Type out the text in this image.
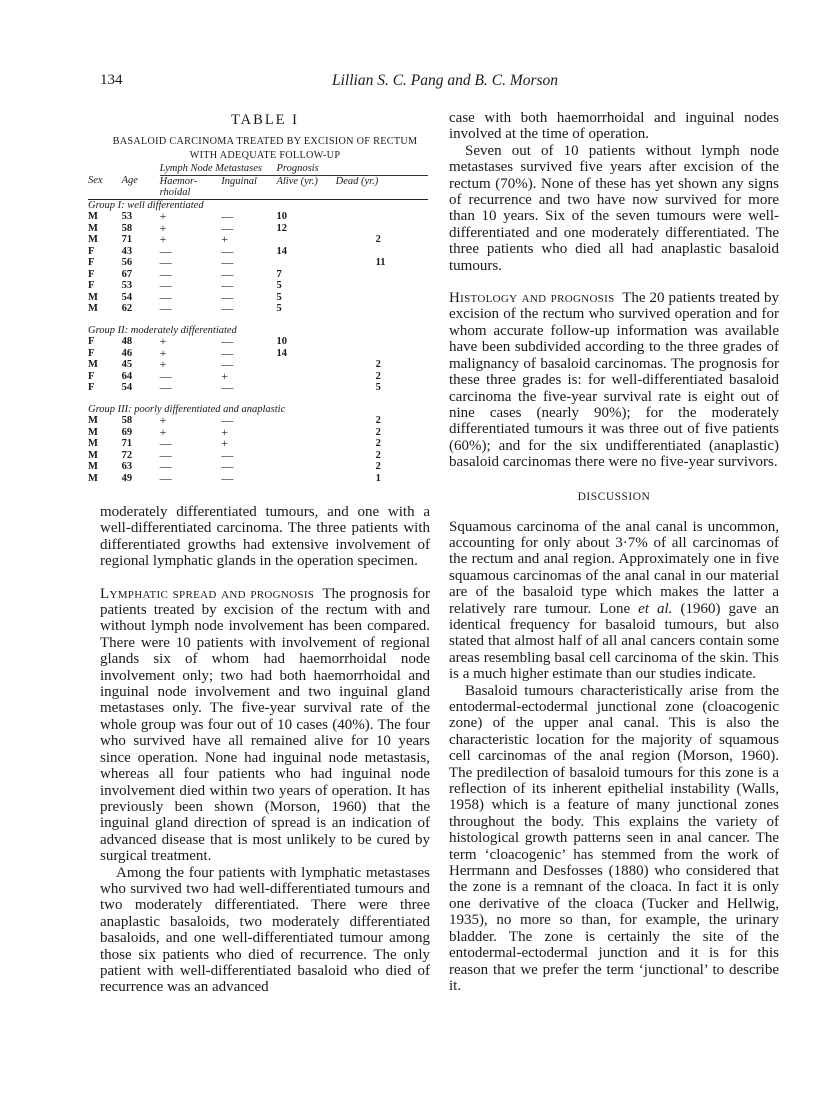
134	Lillian S. C. Pang and B. C. Morson
TABLE I
BASALOID CARCINOMA TREATED BY EXCISION OF RECTUM
WITH ADEQUATE FOLLOW-UP
		Lymph Node Metastases		Prognosis	
Sex	Age	Haemor-
rhoidal	Inguinal	Alive (yr.)	Dead (yr.)
Group I: well differentiated					
M	53	+	—	10	
M	58	+	—	12	
M	71	+	+		2
F	43	—	—	14	
F	56	—	—		11
F	67	—	—	7	
F	53	—	—	5	
M	54	—	—	5	
M	62	—	—	5	

Group II: moderately differentiated					
F	48	+	—	10	
F	46	+	—	14	
M	45	+	—		2
F	64	—	+		2
F	54	—	—		5

Group III: poorly differentiated and anaplastic					
M	58	+	—		2
M	69	+	+		2
M	71	—	+		2
M	72	—	—		2
M	63	—	—		2
M	49	—	—		1

moderately differentiated tumours, and one with a well-differentiated carcinoma. The three patients with differentiated growths had extensive involvement of regional lymphatic glands in the operation specimen.

Lymphatic spread and prognosis The prognosis for patients treated by excision of the rectum with and without lymph node involvement has been compared. There were 10 patients with involvement of regional glands six of whom had haemorrhoidal node involvement only; two had both haemorrhoidal and inguinal node involvement and two inguinal gland metastases only. The five-year survival rate of the whole group was four out of 10 cases (40%). The four who survived have all remained alive for 10 years since operation. None had inguinal node metastasis, whereas all four patients who had inguinal node involvement died within two years of operation. It has previously been shown (Morson, 1960) that the inguinal gland direction of spread is an indication of advanced disease that is most unlikely to be cured by surgical treatment.

Among the four patients with lymphatic metastases who survived two had well-differentiated tumours and two moderately differentiated. There were three anaplastic basaloids, two moderately differentiated basaloids, and one well-differentiated tumour among those six patients who died of recurrence. The only patient with well-differentiated basaloid who died of recurrence was an advanced

case with both haemorrhoidal and inguinal nodes involved at the time of operation.

Seven out of 10 patients without lymph node metastases survived five years after excision of the rectum (70%). None of these has yet shown any signs of recurrence and two have now survived for more than 10 years. Six of the seven tumours were well-differentiated and one moderately differentiated. The three patients who died all had anaplastic basaloid tumours.

Histology and prognosis The 20 patients treated by excision of the rectum who survived operation and for whom accurate follow-up information was available have been subdivided according to the three grades of malignancy of basaloid carcinomas. The prognosis for these three grades is: for well-differentiated basaloid carcinoma the five-year survival rate is eight out of nine cases (nearly 90%); for the moderately differentiated tumours it was three out of five patients (60%); and for the six undifferentiated (anaplastic) basaloid carcinomas there were no five-year survivors.

DISCUSSION

Squamous carcinoma of the anal canal is uncommon, accounting for only about 3·7% of all carcinomas of the rectum and anal region. Approximately one in five squamous carcinomas of the anal canal in our material are of the basaloid type which makes the latter a relatively rare tumour. Lone et al. (1960) gave an identical frequency for basaloid tumours, but also stated that almost half of all anal cancers contain some areas resembling basal cell carcinoma of the skin. This is a much higher estimate than our studies indicate.

Basaloid tumours characteristically arise from the entodermal-ectodermal junctional zone (cloacogenic zone) of the upper anal canal. This is also the characteristic location for the majority of squamous cell carcinomas of the anal region (Morson, 1960). The predilection of basaloid tumours for this zone is a reflection of its inherent epithelial instability (Walls, 1958) which is a feature of many junctional zones throughout the body. This explains the variety of histological growth patterns seen in anal cancer. The term ‘cloacogenic’ has stemmed from the work of Herrmann and Desfosses (1880) who considered that the zone is a remnant of the cloaca. In fact it is only one derivative of the cloaca (Tucker and Hellwig, 1935), no more so than, for example, the urinary bladder. The zone is certainly the site of the entodermal-ectodermal junction and it is for this reason that we prefer the term ‘junctional’ to describe it.
